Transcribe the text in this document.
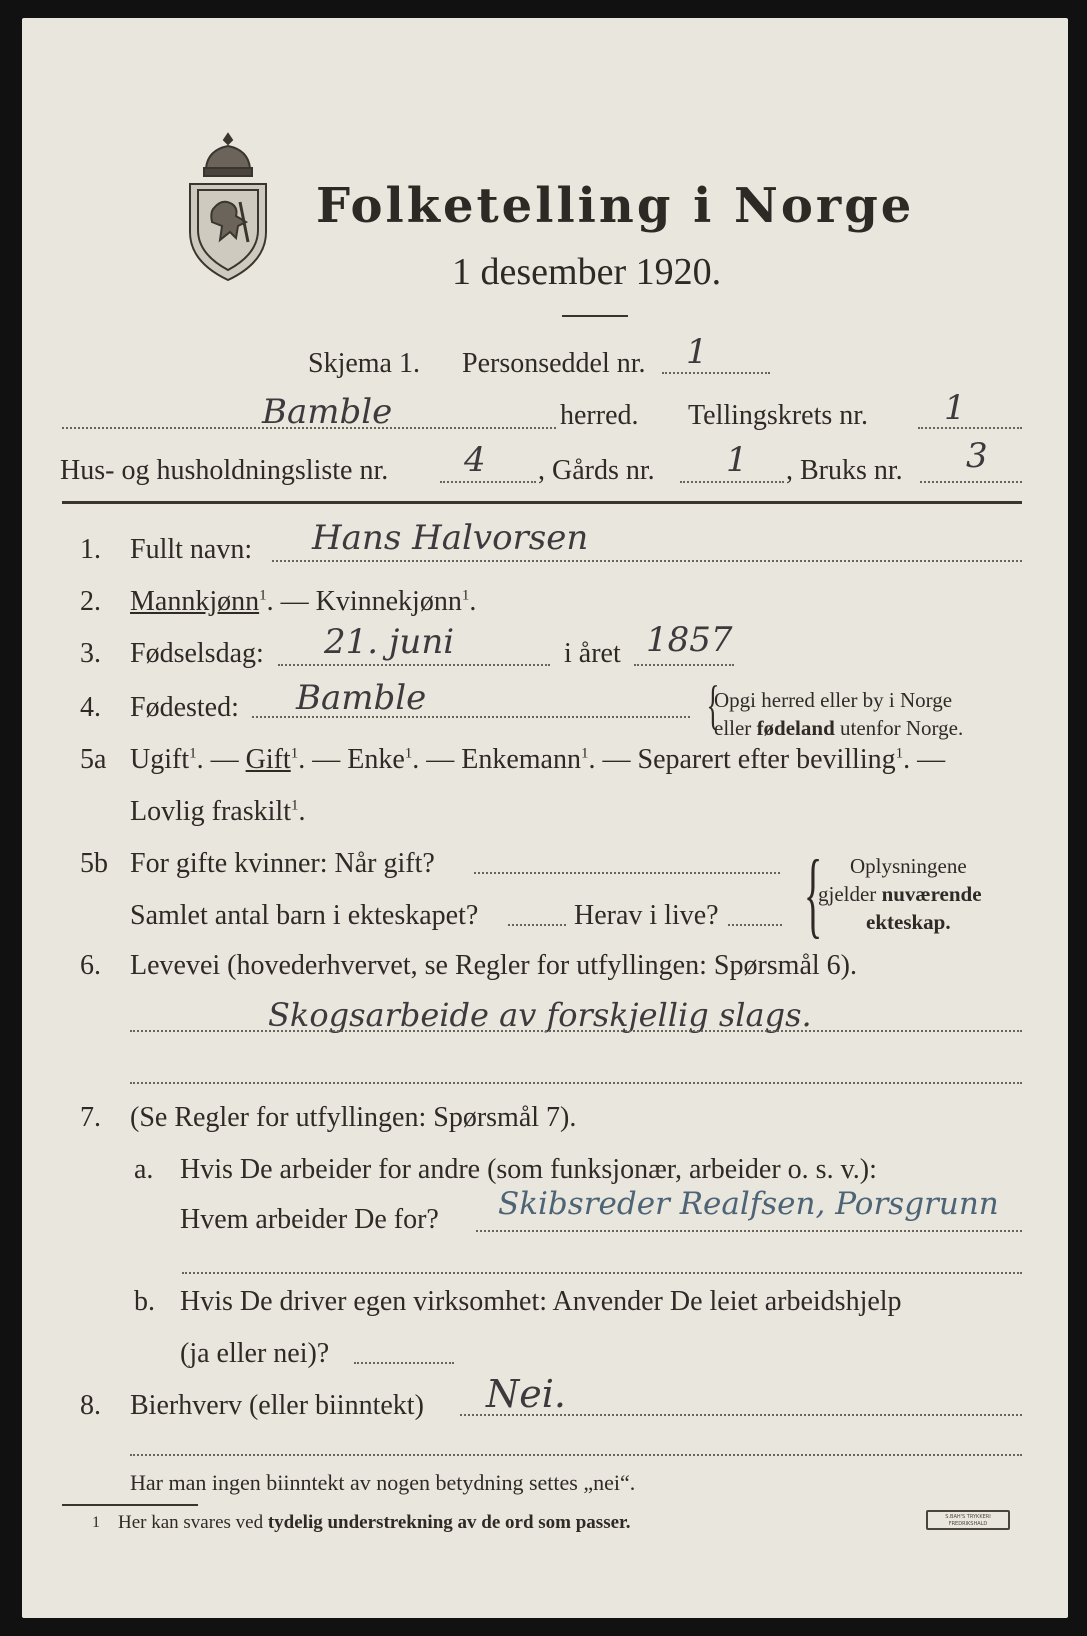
Folketelling i Norge
1 desember 1920.
Skjema 1. Personseddel nr. 1
Bamble	herred. Tellingskrets nr. 1
Hus- og husholdningsliste nr. 4 , Gårds nr. 1 , Bruks nr. 3
1. Fullt navn: Hans Halvorsen
2. Mannkjønn$^1$. — Kvinnekjønn$^1$.
3. Fødselsdag: 21. juni	i året 1857
4. Fødested: Bamble	{
Opgi herred eller by i Norge
eller fødeland utenfor Norge.
5a Ugift$^1$. — Gift$^1$. — Enke$^1$. — Enkemann$^1$. — Separert efter bevilling$^1$. —
Lovlig fraskilt$^1$.
5b For gifte kvinner: Når gift?
Samlet antal barn i ekteskapet?	Herav i live? { Oplysningene
gjelder nuværende
ekteskap.
6. Levevei (hovederhvervet, se Regler for utfyllingen: Spørsmål 6).
Skogsarbeide av forskjellig slags.
7. (Se Regler for utfyllingen: Spørsmål 7).
a. Hvis De arbeider for andre (som funksjonær, arbeider o. s. v.):
Hvem arbeider De for? Skibsreder Realfsen, Porsgrunn
b. Hvis De driver egen virksomhet: Anvender De leiet arbeidshjelp
(ja eller nei)?
8. Bierhverv (eller biinntekt) Nei.
Har man ingen biinntekt av nogen betydning settes „nei“.
1 Her kan svares ved tydelig understrekning av de ord som passer.	S.BAH'S TRYKKERI
FREDRIKSHALD
